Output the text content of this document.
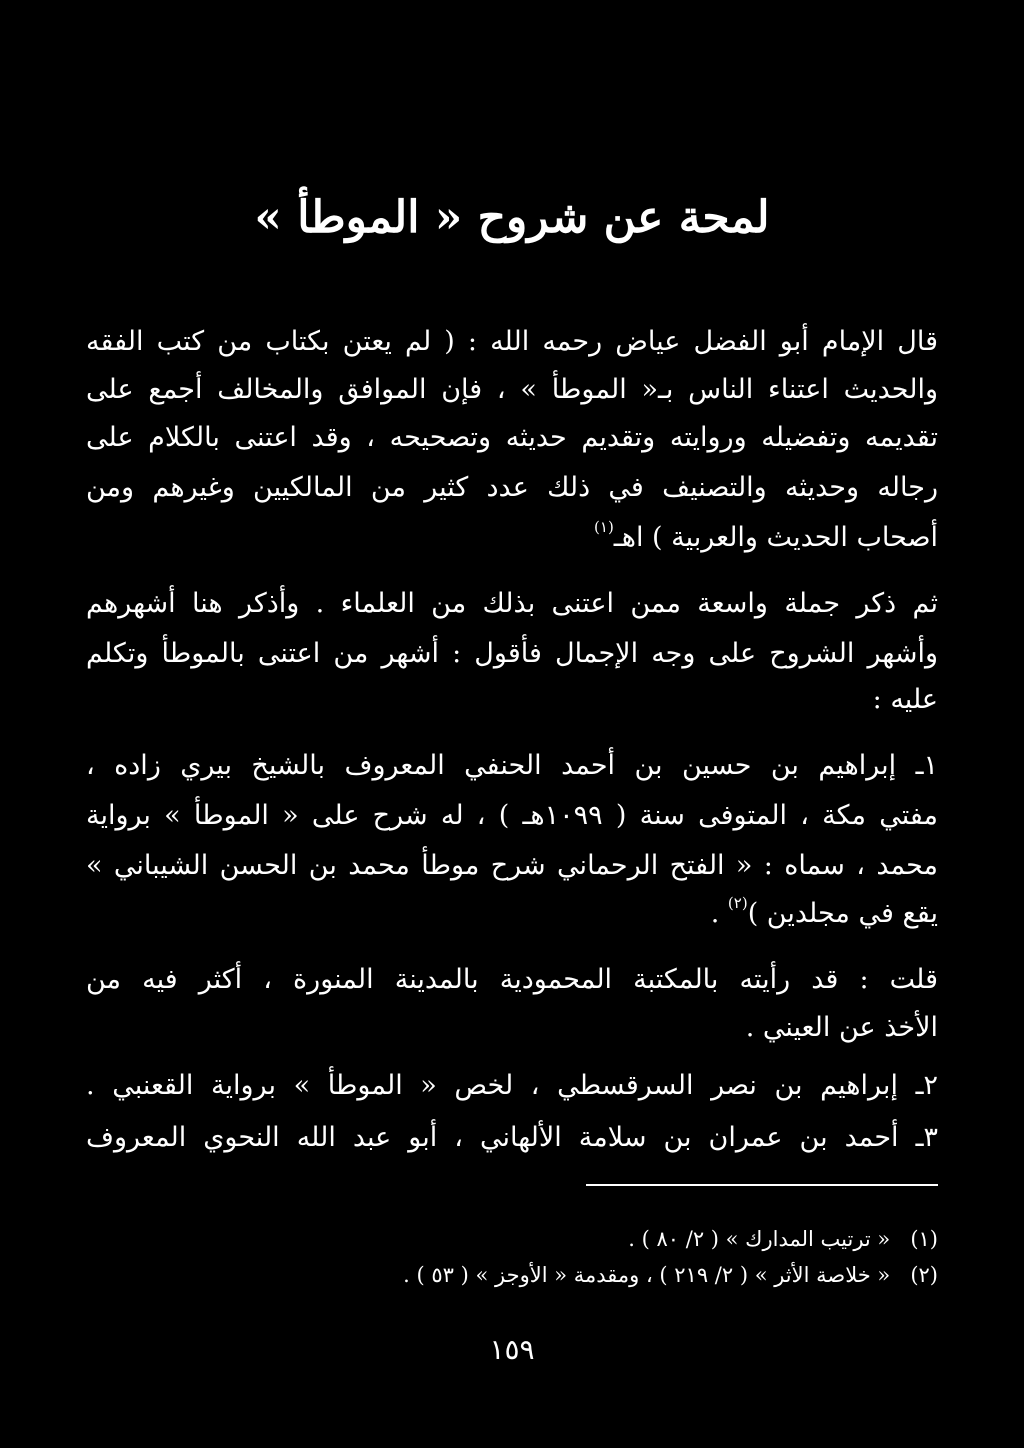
لمحة عن شروح « الموطأ »
قال الإمام أبو الفضل عياض رحمه الله : ( لم يعتن بكتاب من كتب الفقه
والحديث اعتناء الناس بـ« الموطأ » ، فإن الموافق والمخالف أجمع على
تقديمه وتفضيله وروايته وتقديم حديثه وتصحيحه ، وقد اعتنى بالكلام على
رجاله وحديثه والتصنيف في ذلك عدد كثير من المالكيين وغيرهم ومن
أصحاب الحديث والعربية ) اهـ$^{(١)}$
ثم ذكر جملة واسعة ممن اعتنى بذلك من العلماء . وأذكر هنا أشهرهم
وأشهر الشروح على وجه الإجمال فأقول : أشهر من اعتنى بالموطأ وتكلم
عليه :
١ـ إبراهيم بن حسين بن أحمد الحنفي المعروف بالشيخ بيري زاده ،
مفتي مكة ، المتوفى سنة ( ١٠٩٩هـ ) ، له شرح على « الموطأ » برواية
محمد ، سماه : « الفتح الرحماني شرح موطأ محمد بن الحسن الشيباني »
يقع في مجلدين )$^{(٢)}$ .
قلت : قد رأيته بالمكتبة المحمودية بالمدينة المنورة ، أكثر فيه من
الأخذ عن العيني .
٢ـ إبراهيم بن نصر السرقسطي ، لخص « الموطأ » برواية القعنبي .
٣ـ أحمد بن عمران بن سلامة الألهاني ، أبو عبد الله النحوي المعروف
(١)   « ترتيب المدارك » ( ٢/ ٨٠ ) .
(٢)   « خلاصة الأثر » ( ٢/ ٢١٩ ) ، ومقدمة « الأوجز » ( ٥٣ ) .
١٥٩
